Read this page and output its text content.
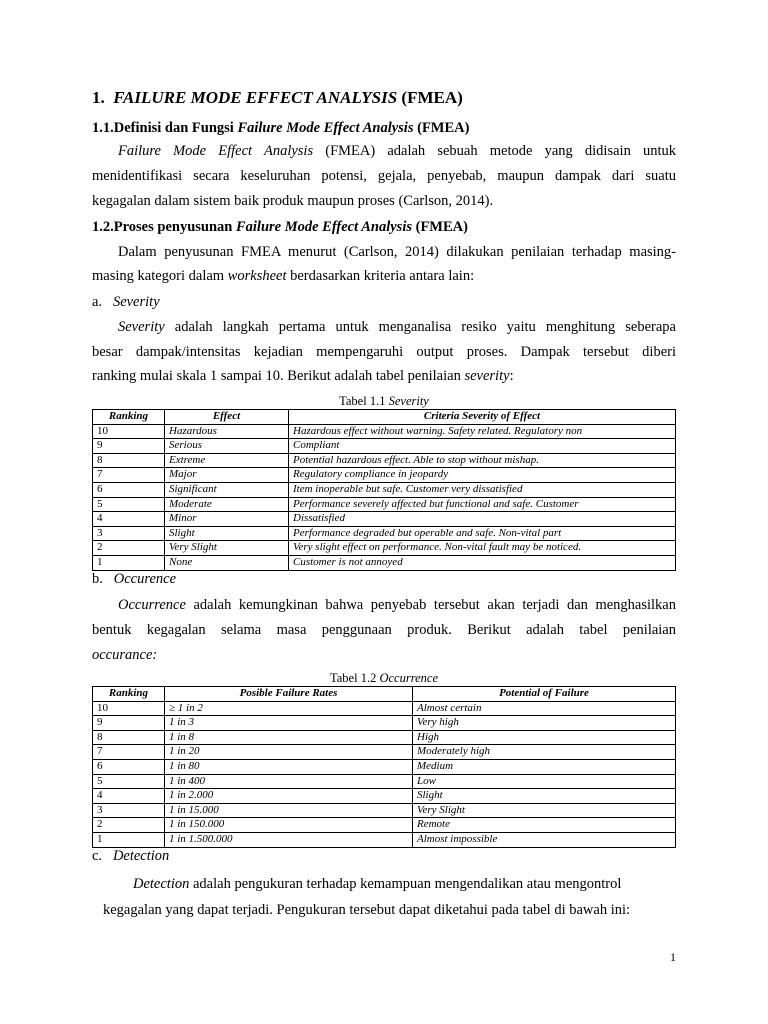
1. FAILURE MODE EFFECT ANALYSIS (FMEA)
1.1.Definisi dan Fungsi Failure Mode Effect Analysis (FMEA)
Failure Mode Effect Analysis (FMEA) adalah sebuah metode yang didisain untuk
menidentifikasi secara keseluruhan potensi, gejala, penyebab, maupun dampak dari suatu
kegagalan dalam sistem baik produk maupun proses (Carlson, 2014).
1.2.Proses penyusunan Failure Mode Effect Analysis (FMEA)
Dalam penyusunan FMEA menurut (Carlson, 2014) dilakukan penilaian terhadap masing-
masing kategori dalam worksheet berdasarkan kriteria antara lain:
a. Severity
Severity adalah langkah pertama untuk menganalisa resiko yaitu menghitung seberapa
besar dampak/intensitas kejadian mempengaruhi output proses. Dampak tersebut diberi
ranking mulai skala 1 sampai 10. Berikut adalah tabel penilaian severity:
Tabel 1.1 Severity
Ranking	Effect	Criteria Severity of Effect
10	Hazardous	Hazardous effect without warning. Safety related. Regulatory non
9	Serious	Compliant
8	Extreme	Potential hazardous effect. Able to stop without mishap.
7	Major	Regulatory compliance in jeopardy
6	Significant	Item inoperable but safe. Customer very dissatisfied
5	Moderate	Performance severely affected but functional and safe. Customer
4	Minor	Dissatisfied
3	Slight	Performance degraded but operable and safe. Non-vital part
2	Very Slight	Very slight effect on performance. Non-vital fault may be noticed.
1	None	Customer is not annoyed
b. Occurence
Occurrence adalah kemungkinan bahwa penyebab tersebut akan terjadi dan menghasilkan
bentuk kegagalan selama masa penggunaan produk. Berikut adalah tabel penilaian
occurance:
Tabel 1.2 Occurrence
Ranking	Posible Failure Rates	Potential of Failure
10	≥ 1 in 2	Almost certain
9	1 in 3	Very high
8	1 in 8	High
7	1 in 20	Moderately high
6	1 in 80	Medium
5	1 in 400	Low
4	1 in 2.000	Slight
3	1 in 15.000	Very Slight
2	1 in 150.000	Remote
1	1 in 1.500.000	Almost impossible
c. Detection
Detection adalah pengukuran terhadap kemampuan mengendalikan atau mengontrol
kegagalan yang dapat terjadi. Pengukuran tersebut dapat diketahui pada tabel di bawah ini:
1
